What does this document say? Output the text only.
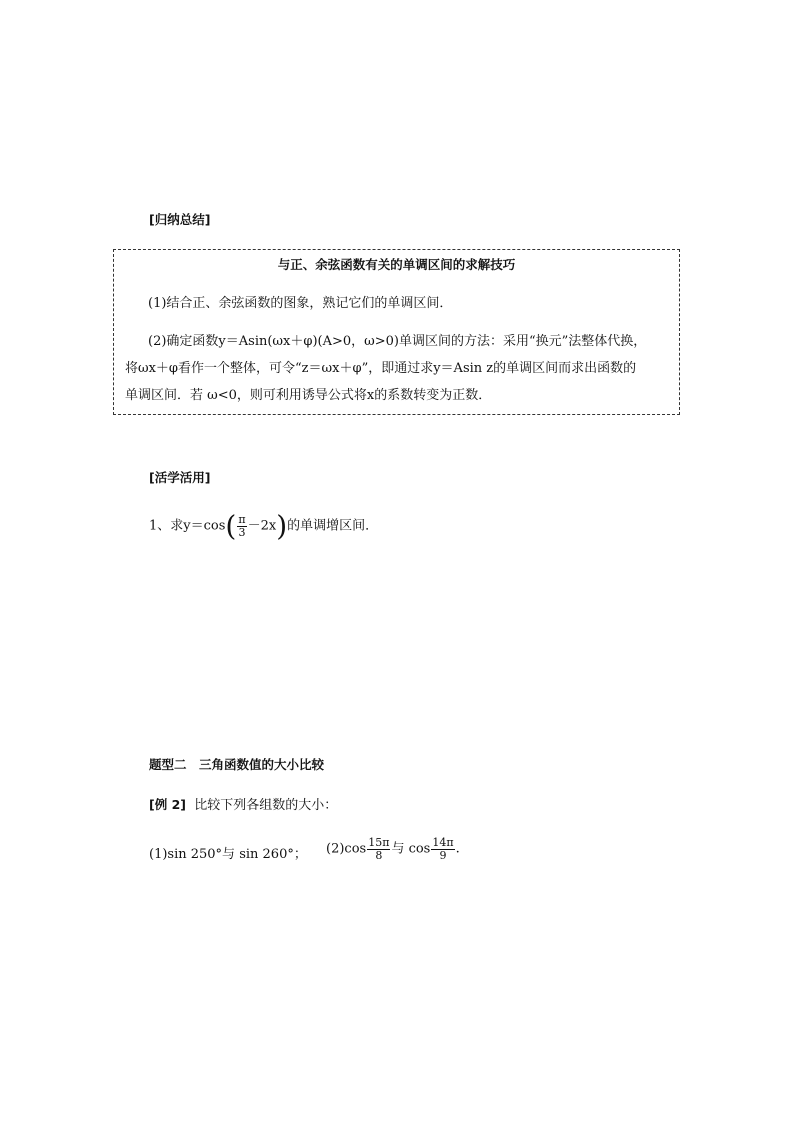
[归纳总结]
与正、余弦函数有关的单调区间的求解技巧

(1)结合正、余弦函数的图象，熟记它们的单调区间．

(2)确定函数y＝Asin(ωx＋φ)(A>0，ω>0)单调区间的方法：采用“换元”法整体代换，

将ωx＋φ看作一个整体，可令“z＝ωx＋φ”，即通过求y＝Asin z的单调区间而求出函数的

单调区间．若 ω<0，则可利用诱导公式将x的系数转变为正数．

[活学活用]
1、求$y=\cos( \frac{\pi}{3} -2x)$的单调增区间．
题型二　三角函数值的大小比较
[例 2] 比较下列各组数的大小：
(1)sin 250°与 sin 260°； $(2)\cos \frac{15\pi}{8}$ 与 $\cos \frac{14\pi}{9}$ .
